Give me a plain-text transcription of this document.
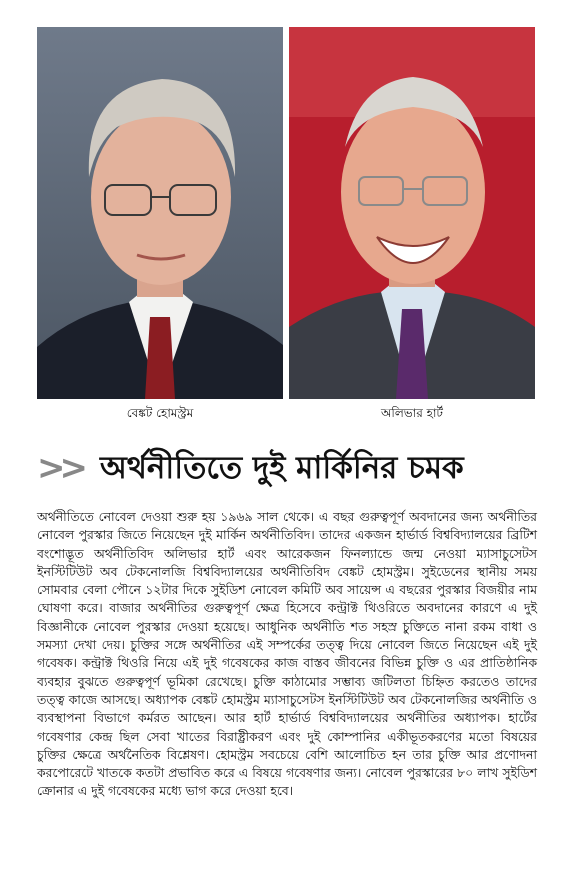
বেঙ্কট হোমস্ট্রম	অলিভার হার্ট
>> অর্থনীতিতে দুই মার্কিনির চমক

অর্থনীতিতে নোবেল দেওয়া শুরু হয় ১৯৬৯ সাল থেকে। এ বছর গুরুত্বপূর্ণ অবদানের জন্য অর্থনীতির নোবেল পুরস্কার জিতে নিয়েছেন দুই মার্কিন অর্থনীতিবিদ। তাদের একজন হার্ভার্ড বিশ্ববিদ্যালয়ের ব্রিটিশ বংশোদ্ভূত অর্থনীতিবিদ অলিভার হার্ট এবং আরেকজন ফিনল্যান্ডে জন্ম নেওয়া ম্যাসাচুসেটস ইনস্টিটিউট অব টেকনোলজি বিশ্ববিদ্যালয়ের অর্থনীতিবিদ বেঙ্কট হোমস্ট্রম। সুইডেনের স্থানীয় সময় সোমবার বেলা পৌনে ১২টার দিকে সুইডিশ নোবেল কমিটি অব সায়েন্স এ বছরের পুরস্কার বিজয়ীর নাম ঘোষণা করে। বাজার অর্থনীতির গুরুত্বপূর্ণ ক্ষেত্র হিসেবে কন্ট্রাক্ট থিওরিতে অবদানের কারণে এ দুই বিজ্ঞানীকে নোবেল পুরস্কার দেওয়া হয়েছে। আধুনিক অর্থনীতি শত সহস্র চুক্তিতে নানা রকম বাধা ও সমস্যা দেখা দেয়। চুক্তির সঙ্গে অর্থনীতির এই সম্পর্কের তত্ত্ব দিয়ে নোবেল জিতে নিয়েছেন এই দুই গবেষক। কন্ট্রাক্ট থিওরি নিয়ে এই দুই গবেষকের কাজ বাস্তব জীবনের বিভিন্ন চুক্তি ও এর প্রাতিষ্ঠানিক ব্যবহার বুঝতে গুরুত্বপূর্ণ ভূমিকা রেখেছে। চুক্তি কাঠামোর সম্ভাব্য জটিলতা চিহ্নিত করতেও তাদের তত্ত্ব কাজে আসছে। অধ্যাপক বেঙ্কট হোমস্ট্রম ম্যাসাচুসেটস ইনস্টিটিউট অব টেকনোলজির অর্থনীতি ও ব্যবস্থাপনা বিভাগে কর্মরত আছেন। আর হার্ট হার্ভার্ড বিশ্ববিদ্যালয়ের অর্থনীতির অধ্যাপক। হার্টের গবেষণার কেন্দ্র ছিল সেবা খাতের বিরাষ্ট্রীকরণ এবং দুই কোম্পানির একীভূতকরণের মতো বিষয়ের চুক্তির ক্ষেত্রে অর্থনৈতিক বিশ্লেষণ। হোমস্ট্রম সবচেয়ে বেশি আলোচিত হন তার চুক্তি আর প্রণোদনা করপোরেটে খাতকে কতটা প্রভাবিত করে এ বিষয়ে গবেষণার জন্য। নোবেল পুরস্কারের ৮০ লাখ সুইডিশ ক্রোনার এ দুই গবেষকের মধ্যে ভাগ করে দেওয়া হবে।
